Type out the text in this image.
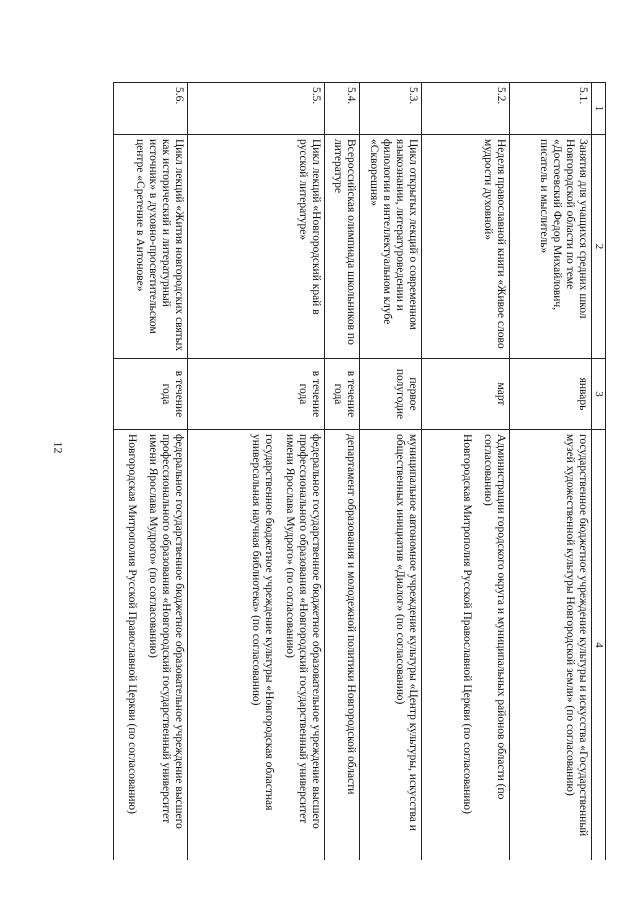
12
1	2	3	4
5.1.	Занятия для учащихся средних школ Новгородской области по теме «Достоевский Федор Михайлович, писатель и мыслитель»	январь	государственное бюджетное учреждение культуры и искусства «Государственный музей художественной культуры Новгородской земли» (по согласованию)

5.2.	Неделя православной книги «Живое слово мудрости духовной»	март	Администрации городского округа и муниципальных районов области (по согласованию)

Новгородская Митрополия Русской Православной Церкви (по согласованию)

5.3.	Цикл открытых лекций о современном языкознании, литературоведении и филологии в интеллектуальном клубе «Скворешня»	первое полугодие	муниципальное автономное учреждение культуры «Центр культуры, искусства и общественных инициатив «Диалог» (по согласованию)

5.4.	Всероссийская олимпиада школьников по литературе	в течение года	департамент образования и молодежной политики Новгородской области

5.5.	Цикл лекций «Новгородский край в русской литературе»	в течение года	федеральное государственное бюджетное образовательное учреждение высшего профессионального образования «Новгородский государственный университет имени Ярослава Мудрого» (по согласованию)

государственное бюджетное учреждение культуры «Новгородская областная универсальная научная библиотека» (по согласованию)

5.6.	Цикл лекций «Жития новгородских святых как исторический и литературный источник» в духовно-просветительском центре «Сретение в Антонове»	в течение года	федеральное государственное бюджетное образовательное учреждение высшего профессионального образования «Новгородский государственный университет имени Ярослава Мудрого» (по согласованию)

Новгородская Митрополия Русской Православной Церкви (по согласованию)
